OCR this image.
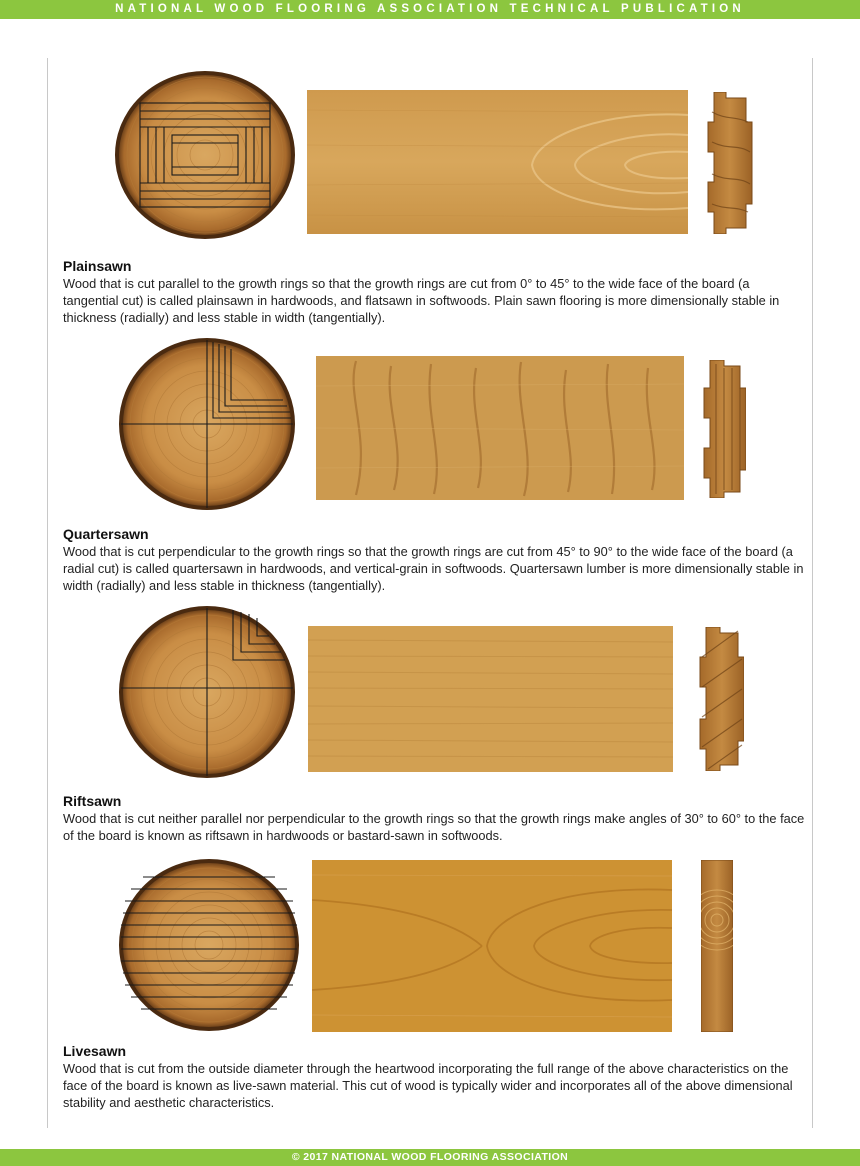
NATIONAL WOOD FLOORING ASSOCIATION TECHNICAL PUBLICATION
Plainsawn
Wood that is cut parallel to the growth rings so that the growth rings are cut from 0° to 45° to the wide face of the board (a tangential cut) is called plainsawn in hardwoods, and flatsawn in softwoods. Plain sawn flooring is more dimensionally stable in thickness (radially) and less stable in width (tangentially).
Quartersawn
Wood that is cut perpendicular to the growth rings so that the growth rings are cut from 45° to 90° to the wide face of the board (a radial cut) is called quartersawn in hardwoods, and vertical-grain in softwoods. Quartersawn lumber is more dimensionally stable in width (radially) and less stable in thickness (tangentially).
Riftsawn
Wood that is cut neither parallel nor perpendicular to the growth rings so that the growth rings make angles of 30° to 60° to the face of the board is known as riftsawn in hardwoods or bastard-sawn in softwoods.
Livesawn
Wood that is cut from the outside diameter through the heartwood incorporating the full range of the above characteristics on the face of the board is known as live-sawn material. This cut of wood is typically wider and incorporates all of the above dimensional stability and aesthetic characteristics.
© 2017 NATIONAL WOOD FLOORING ASSOCIATION
